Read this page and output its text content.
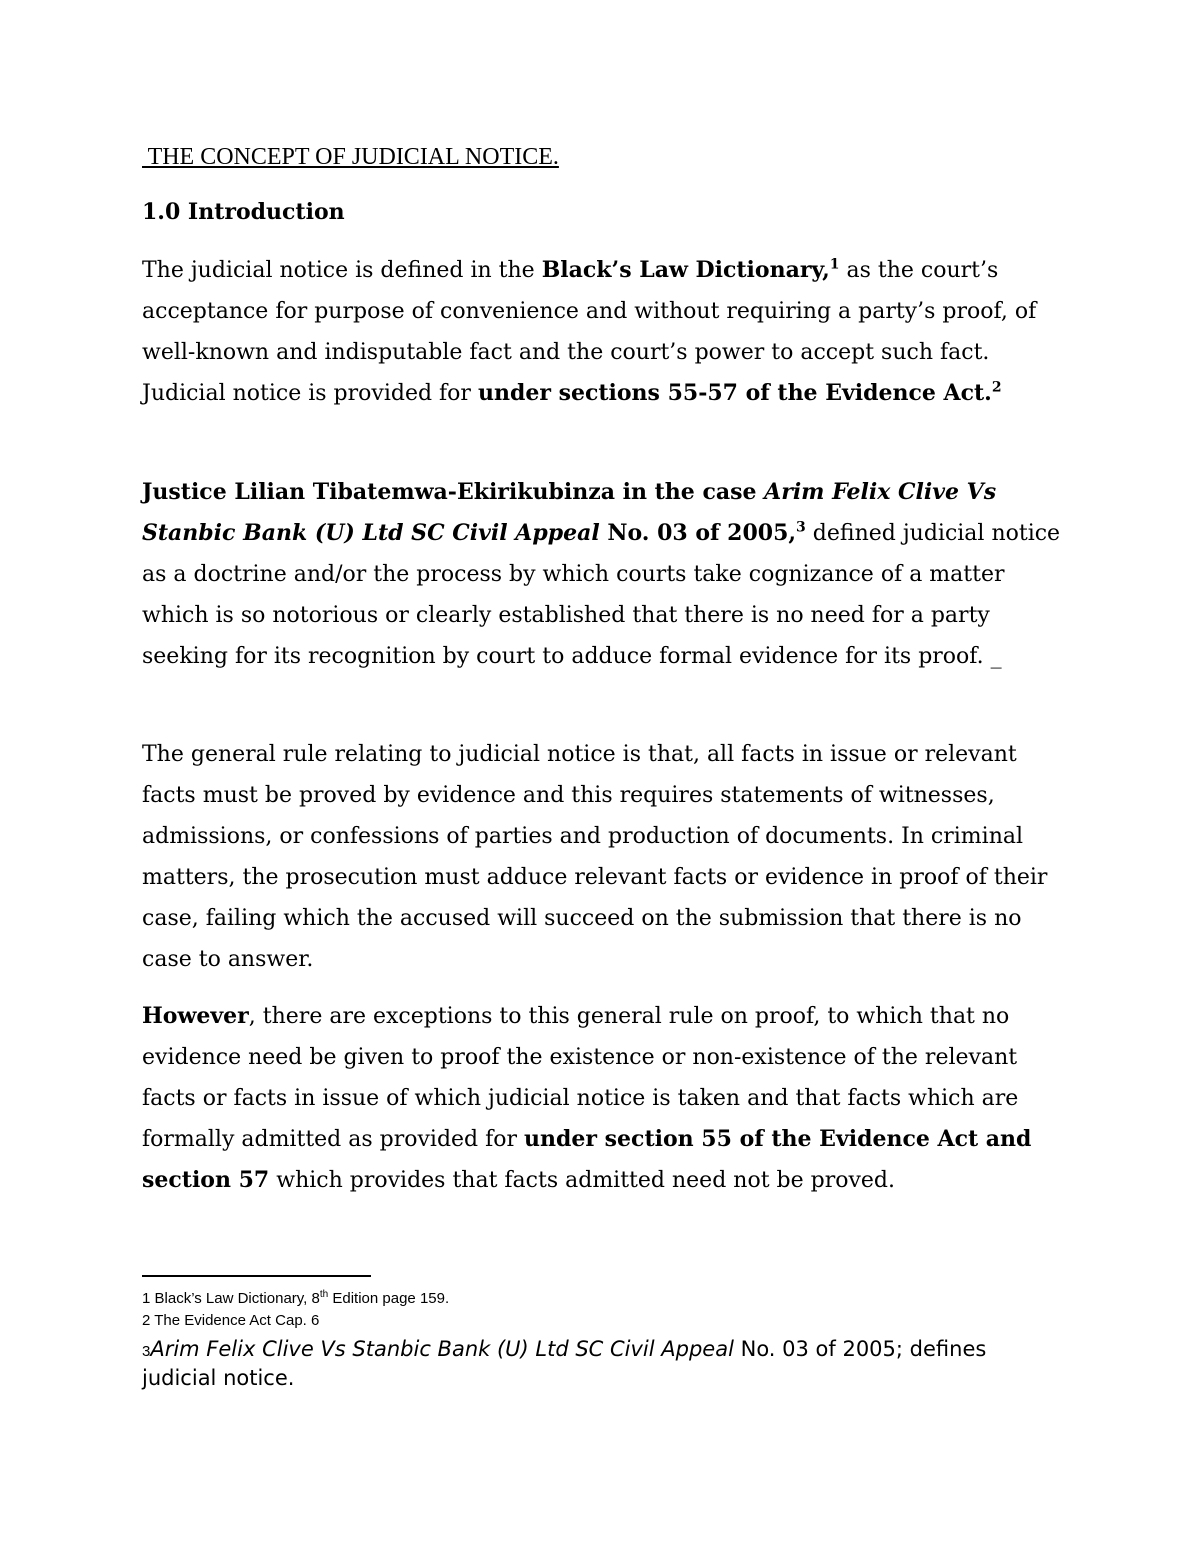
THE CONCEPT OF JUDICIAL NOTICE.
1.0 Introduction

The judicial notice is defined in the Black’s Law Dictionary,$^1$ as the court’s acceptance for purpose of convenience and without requiring a party’s proof, of well-known and indisputable fact and the court’s power to accept such fact. Judicial notice is provided for under sections 55-57 of the Evidence Act.$^2$

Justice Lilian Tibatemwa-Ekirikubinza in the case Arim Felix Clive Vs Stanbic Bank (U) Ltd SC Civil Appeal No. 03 of 2005,$^3$ defined judicial notice as a doctrine and/or the process by which courts take cognizance of a matter which is so notorious or clearly established that there is no need for a party seeking for its recognition by court to adduce formal evidence for its proof. _

The general rule relating to judicial notice is that, all facts in issue or relevant facts must be proved by evidence and this requires statements of witnesses, admissions, or confessions of parties and production of documents. In criminal matters, the prosecution must adduce relevant facts or evidence in proof of their case, failing which the accused will succeed on the submission that there is no case to answer.

However, there are exceptions to this general rule on proof, to which that no evidence need be given to proof the existence or non-existence of the relevant facts or facts in issue of which judicial notice is taken and that facts which are formally admitted as provided for under section 55 of the Evidence Act and section 57 which provides that facts admitted need not be proved.

1 Black’s Law Dictionary, 8th Edition page 159.
2 The Evidence Act Cap. 6
3Arim Felix Clive Vs Stanbic Bank (U) Ltd SC Civil Appeal No. 03 of 2005; defines judicial notice.
